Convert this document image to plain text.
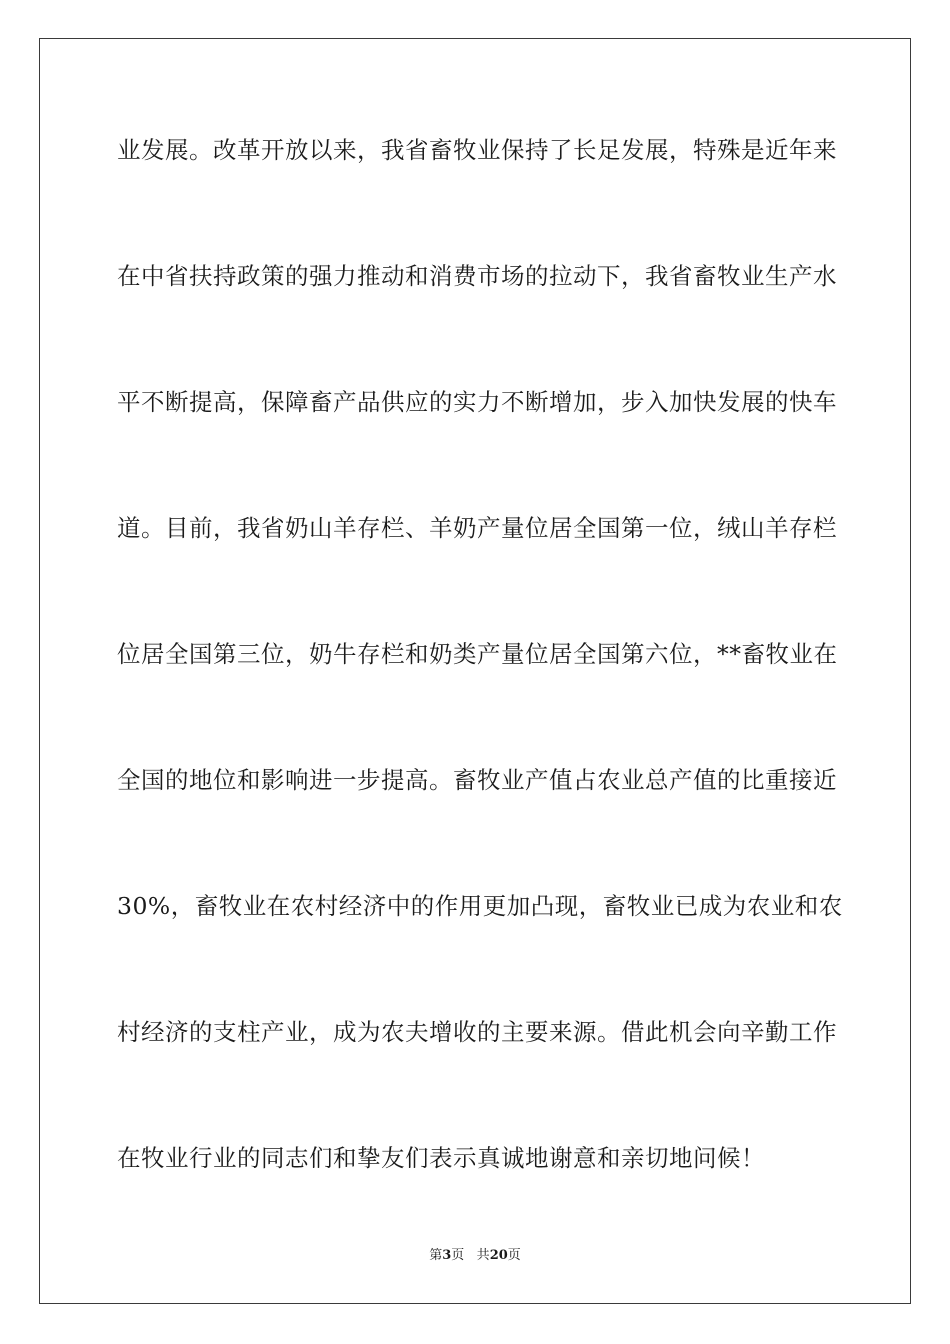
业发展。改革开放以来，我省畜牧业保持了长足发展，特殊是近年来
在中省扶持政策的强力推动和消费市场的拉动下，我省畜牧业生产水
平不断提高，保障畜产品供应的实力不断增加，步入加快发展的快车
道。目前，我省奶山羊存栏、羊奶产量位居全国第一位，绒山羊存栏
位居全国第三位，奶牛存栏和奶类产量位居全国第六位，**畜牧业在
全国的地位和影响进一步提高。畜牧业产值占农业总产值的比重接近
30%，畜牧业在农村经济中的作用更加凸现，畜牧业已成为农业和农
村经济的支柱产业，成为农夫增收的主要来源。借此机会向辛勤工作
在牧业行业的同志们和挚友们表示真诚地谢意和亲切地问候！
第3页 共20页
